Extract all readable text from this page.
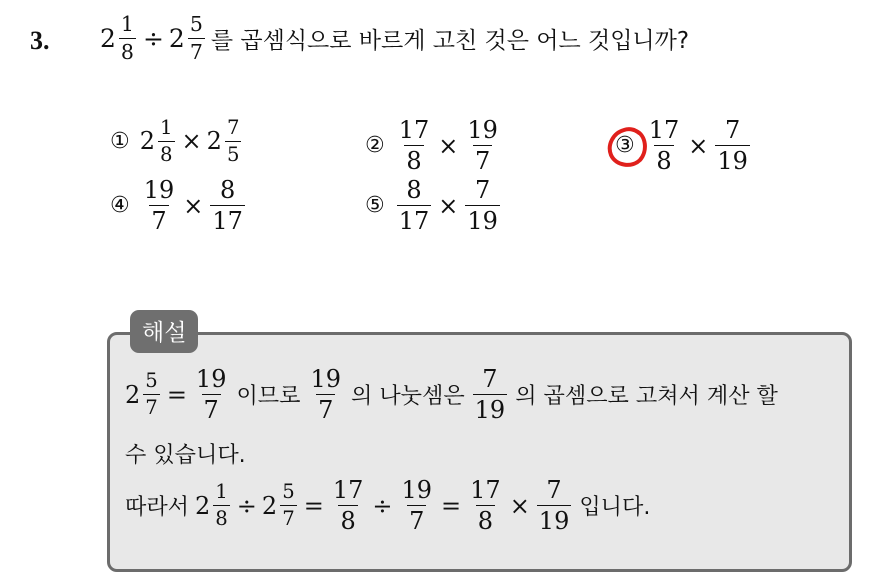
3. $2 \frac{1}{8} \div 2 \frac{5}{7}$ 를 곱셈식으로 바르게 고친 것은 어느 것입니까?
① $2 \frac{1}{8} \times 2 \frac{7}{5}$	② $\frac{17}{8} \times \frac{19}{7}$	③ $\frac{17}{8} \times \frac{7}{19}$
④ $\frac{19}{7} \times \frac{8}{17}$	⑤ $\frac{8}{17} \times \frac{7}{19}$
해설
$2 \frac{5}{7} = \frac{19}{7}$ 이므로 $\frac{19}{7}$ 의 나눗셈은 $\frac{7}{19}$ 의 곱셈으로 고쳐서 계산 할
수 있습니다.
따라서 $2 \frac{1}{8} \div 2 \frac{5}{7} = \frac{17}{8} \div \frac{19}{7} = \frac{17}{8} \times \frac{7}{19}$ 입니다.
